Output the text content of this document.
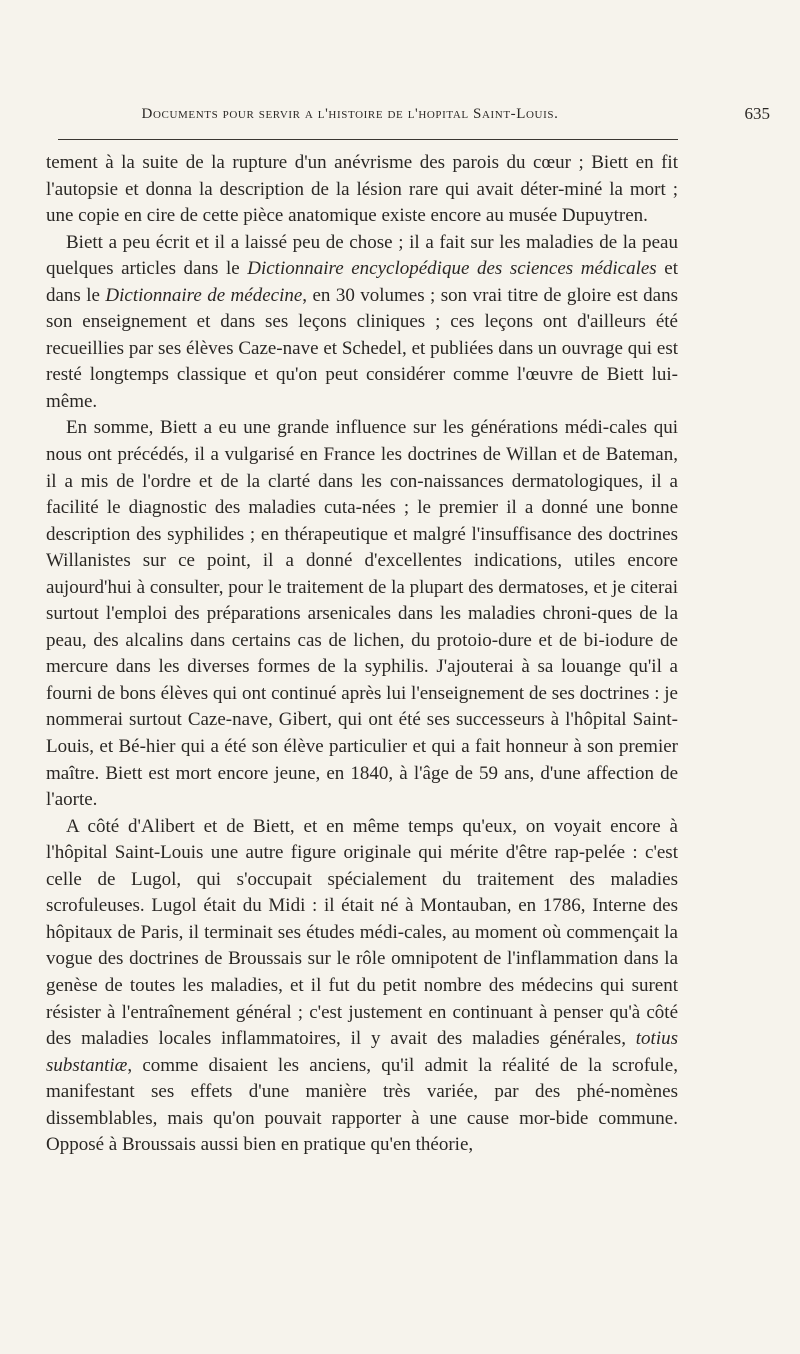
Documents pour servir a l'histoire de l'hopital Saint-Louis.	635

tement à la suite de la rupture d'un anévrisme des parois du cœur ; Biett en fit l'autopsie et donna la description de la lésion rare qui avait déter-miné la mort ; une copie en cire de cette pièce anatomique existe encore au musée Dupuytren.

Biett a peu écrit et il a laissé peu de chose ; il a fait sur les maladies de la peau quelques articles dans le Dictionnaire encyclopédique des sciences médicales et dans le Dictionnaire de médecine, en 30 volumes ; son vrai titre de gloire est dans son enseignement et dans ses leçons cliniques ; ces leçons ont d'ailleurs été recueillies par ses élèves Caze-nave et Schedel, et publiées dans un ouvrage qui est resté longtemps classique et qu'on peut considérer comme l'œuvre de Biett lui-même.

En somme, Biett a eu une grande influence sur les générations médi-cales qui nous ont précédés, il a vulgarisé en France les doctrines de Willan et de Bateman, il a mis de l'ordre et de la clarté dans les con-naissances dermatologiques, il a facilité le diagnostic des maladies cuta-nées ; le premier il a donné une bonne description des syphilides ; en thérapeutique et malgré l'insuffisance des doctrines Willanistes sur ce point, il a donné d'excellentes indications, utiles encore aujourd'hui à consulter, pour le traitement de la plupart des dermatoses, et je citerai surtout l'emploi des préparations arsenicales dans les maladies chroni-ques de la peau, des alcalins dans certains cas de lichen, du protoio-dure et de bi-iodure de mercure dans les diverses formes de la syphilis. J'ajouterai à sa louange qu'il a fourni de bons élèves qui ont continué après lui l'enseignement de ses doctrines : je nommerai surtout Caze-nave, Gibert, qui ont été ses successeurs à l'hôpital Saint-Louis, et Bé-hier qui a été son élève particulier et qui a fait honneur à son premier maître. Biett est mort encore jeune, en 1840, à l'âge de 59 ans, d'une affection de l'aorte.

A côté d'Alibert et de Biett, et en même temps qu'eux, on voyait encore à l'hôpital Saint-Louis une autre figure originale qui mérite d'être rap-pelée : c'est celle de Lugol, qui s'occupait spécialement du traitement des maladies scrofuleuses. Lugol était du Midi : il était né à Montauban, en 1786, Interne des hôpitaux de Paris, il terminait ses études médi-cales, au moment où commençait la vogue des doctrines de Broussais sur le rôle omnipotent de l'inflammation dans la genèse de toutes les maladies, et il fut du petit nombre des médecins qui surent résister à l'entraînement général ; c'est justement en continuant à penser qu'à côté des maladies locales inflammatoires, il y avait des maladies générales, totius substantiæ, comme disaient les anciens, qu'il admit la réalité de la scrofule, manifestant ses effets d'une manière très variée, par des phé-nomènes dissemblables, mais qu'on pouvait rapporter à une cause mor-bide commune. Opposé à Broussais aussi bien en pratique qu'en théorie,
